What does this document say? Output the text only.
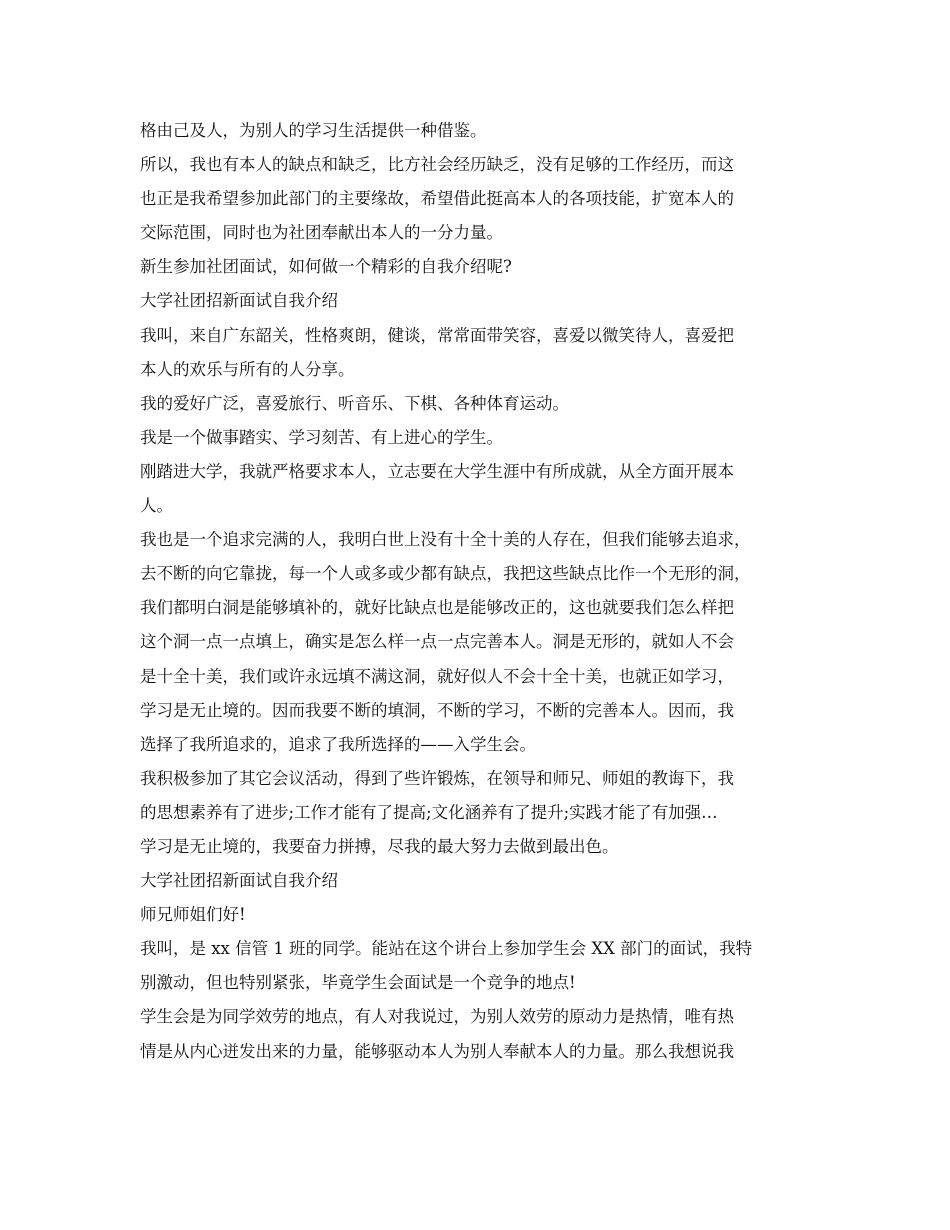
格由己及人，为别人的学习生活提供一种借鉴。
所以，我也有本人的缺点和缺乏，比方社会经历缺乏，没有足够的工作经历，而这
也正是我希望参加此部门的主要缘故，希望借此挺高本人的各项技能，扩宽本人的
交际范围，同时也为社团奉献出本人的一分力量。
新生参加社团面试，如何做一个精彩的自我介绍呢?
大学社团招新面试自我介绍
我叫，来自广东韶关，性格爽朗，健谈，常常面带笑容，喜爱以微笑待人，喜爱把
本人的欢乐与所有的人分享。
我的爱好广泛，喜爱旅行、听音乐、下棋、各种体育运动。
我是一个做事踏实、学习刻苦、有上进心的学生。
刚踏进大学，我就严格要求本人，立志要在大学生涯中有所成就，从全方面开展本
人。
我也是一个追求完满的人，我明白世上没有十全十美的人存在，但我们能够去追求，
去不断的向它靠拢，每一个人或多或少都有缺点，我把这些缺点比作一个无形的洞，
我们都明白洞是能够填补的，就好比缺点也是能够改正的，这也就要我们怎么样把
这个洞一点一点填上，确实是怎么样一点一点完善本人。洞是无形的，就如人不会
是十全十美，我们或许永远填不满这洞，就好似人不会十全十美，也就正如学习，
学习是无止境的。因而我要不断的填洞，不断的学习，不断的完善本人。因而，我
选择了我所追求的，追求了我所选择的——入学生会。
我积极参加了其它会议活动，得到了些许锻炼，在领导和师兄、师姐的教诲下，我
的思想素养有了进步;工作才能有了提高;文化涵养有了提升;实践才能了有加强…
学习是无止境的，我要奋力拼搏，尽我的最大努力去做到最出色。
大学社团招新面试自我介绍
师兄师姐们好!
我叫，是 xx 信管 1 班的同学。能站在这个讲台上参加学生会 XX 部门的面试，我特
别激动，但也特别紧张，毕竟学生会面试是一个竞争的地点!
学生会是为同学效劳的地点，有人对我说过，为别人效劳的原动力是热情，唯有热
情是从内心迸发出来的力量，能够驱动本人为别人奉献本人的力量。那么我想说我
